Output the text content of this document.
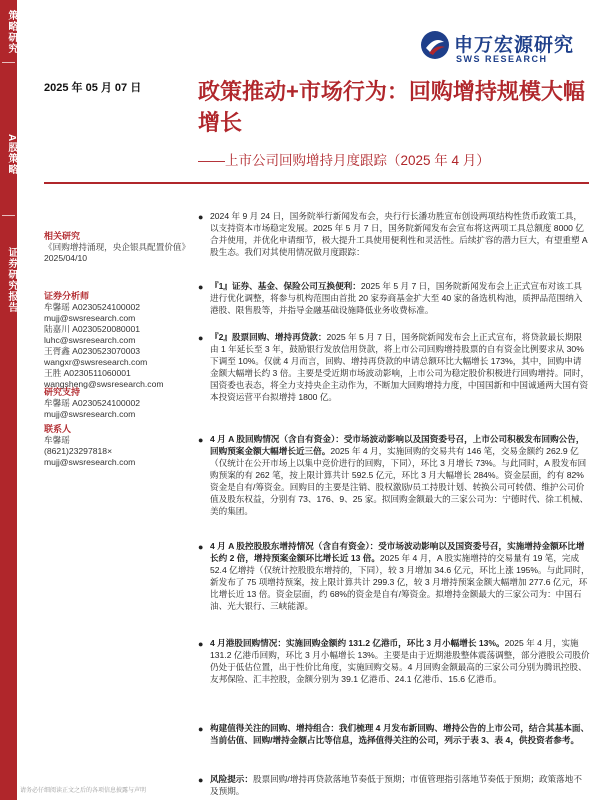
策略研究
A股策略
证券研究报告
申万宏源研究
SWS RESEARCH
2025 年 05 月 07 日	政策推动+市场行为：回购增持规模大幅增长
——上市公司回购增持月度跟踪（2025 年 4 月）
相关研究
《回购增持涌现，央企银具配置价值》 2025/04/10
证券分析师
牟馨瑶 A0230524100002
mujj@swsresearch.com
陆嘉川 A0230520080001
luhc@swsresearch.com
王胥鑫 A0230523070003
wangxr@swsresearch.com
王胜 A0230511060001
wangsheng@swsresearch.com
研究支持
牟馨瑶 A0230524100002
mujj@swsresearch.com
联系人
牟馨瑶
(8621)23297818×
mujj@swsresearch.com
● 2024 年 9 月 24 日，国务院举行新闻发布会，央行行长潘功胜宣布创设两项结构性货币政策工具，以支持资本市场稳定发展。2025 年 5 月 7 日，国务院新闻发布会宣布将这两项工具总额度 8000 亿合并使用，并优化申请细节，极大提升工具使用便利性和灵活性。后续扩容的潜力巨大，有望重塑 A 股生态。我们对其使用情况做月度跟踪：
● 『1』证券、基金、保险公司互换便利：2025 年 5 月 7 日，国务院新闻发布会上正式宣布对该工具进行优化调整，将参与机构范围由首批 20 家券商基金扩大至 40 家的备选机构池，质押品范围纳入港股、限售股等，并指导金融基础设施降低业务收费标准。
● 『2』股票回购、增持再贷款：2025 年 5 月 7 日，国务院新闻发布会上正式宣布，将贷款最长期限由 1 年延长至 3 年，鼓励银行发放信用贷款，将上市公司回购增持股票的自有资金比例要求从 30%下调至 10%。仅就 4 月而言，回购、增持再贷款的申请总额环比大幅增长 173%，其中，回购申请金额大幅增长约 3 倍。主要是受近期市场波动影响，上市公司为稳定股价积极进行回购增持。同时，国资委也表态，将全力支持央企主动作为，不断加大回购增持力度，中国国新和中国诚通两大国有资本投资运营平台拟增持 1800 亿。
● 4 月 A 股回购情况（含自有资金）：受市场波动影响以及国资委号召，上市公司积极发布回购公告，回购预案金额大幅增长近三倍。2025 年 4 月，实施回购的交易共有 146 笔，交易金额约 262.9 亿（仅统计在公开市场上以集中竞价进行的回购，下同），环比 3 月增长 73%。与此同时，A 股发布回购预案的有 262 笔，按上限计算共计 592.5 亿元，环比 3 月大幅增长 284%。资金层面，约有 82%资金是自有/筹资金。回购目的主要是注销、股权激励/员工持股计划、转换公司可转债、维护公司价值及股东权益，分别有 73、176、9、25 家。拟回购金额最大的三家公司为：宁德时代、徐工机械、美的集团。
● 4 月 A 股控股股东增持情况（含自有资金）：受市场波动影响以及国资委号召，实施增持金额环比增长约 2 倍，增持预案金额环比增长近 13 倍。2025 年 4 月，A 股实施增持的交易量有 19 笔，完成 52.4 亿增持（仅统计控股股东增持的，下同），较 3 月增加 34.6 亿元，环比上涨 195%。与此同时，新发布了 75 项增持预案，按上限计算共计 299.3 亿，较 3 月增持预案金额大幅增加 277.6 亿元，环比增长近 13 倍。资金层面，约 68%的资金是自有/筹资金。拟增持金额最大的三家公司为：中国石油、光大银行、三峡能源。
● 4 月港股回购情况：实施回购金额约 131.2 亿港币，环比 3 月小幅增长 13%。2025 年 4 月，实施 131.2 亿港币回购，环比 3 月小幅增长 13%。主要是由于近期港股整体震荡调整，部分港股公司股价仍处于低估位置，出于性价比角度，实施回购交易。4 月回购金额最高的三家公司分别为腾讯控股、友邦保险、汇丰控股，金额分别为 39.1 亿港币、24.1 亿港币、15.6 亿港币。
● 构建值得关注的回购、增持组合：我们梳理 4 月发布新回购、增持公告的上市公司，结合其基本面、当前估值、回购/增持金额占比等信息，选择值得关注的公司，列示于表 3、表 4，供投资者参考。
● 风险提示：股票回购/增持再贷款落地节奏低于预期；市值管理指引落地节奏低于预期；政策落地不及预期。
请务必仔细阅读正文之后的各项信息披露与声明
